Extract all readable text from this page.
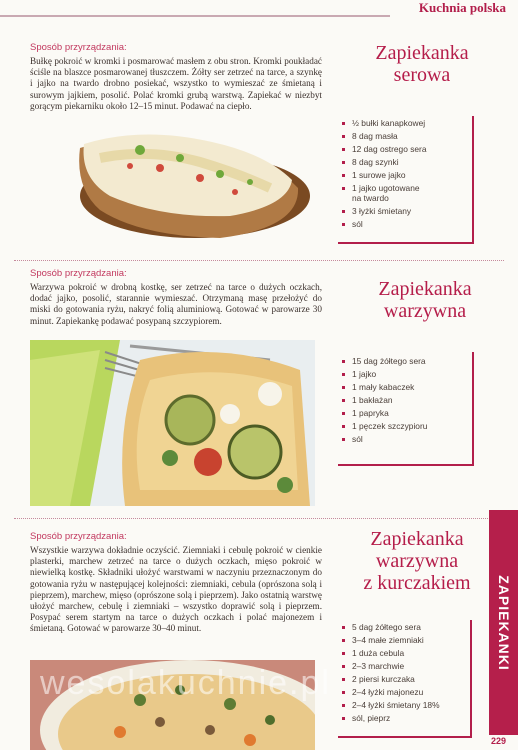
Kuchnia polska
Sposób przyrządzania:
Bułkę pokroić w kromki i posmarować masłem z obu stron. Kromki poukładać ściśle na blaszce posmarowanej tłuszczem. Żółty ser zetrzeć na tarce, a szynkę i jajko na twardo drobno posiekać, wszystko to wymieszać ze śmietaną i surowym jajkiem, posolić. Polać kromki grubą warstwą. Zapiekać w niezbyt gorącym piekarniku około 12–15 minut. Podawać na ciepło.
Zapiekanka
serowa
½ bułki kanapkowej
8 dag masła
12 dag ostrego sera
8 dag szynki
1 surowe jajko
1 jajko ugotowane na twardo
3 łyżki śmietany
sól
Sposób przyrządzania:
Warzywa pokroić w drobną kostkę, ser zetrzeć na tarce o dużych oczkach, dodać jajko, posolić, starannie wymieszać. Otrzymaną masę przełożyć do miski do gotowania ryżu, nakryć folią aluminiową. Gotować w parowarze 30 minut. Zapiekankę podawać posypaną szczypiorem.
Zapiekanka
warzywna
15 dag żółtego sera
1 jajko
1 mały kabaczek
1 bakłażan
1 papryka
1 pęczek szczypioru
sól
Sposób przyrządzania:
Wszystkie warzywa dokładnie oczyścić. Ziemniaki i cebulę pokroić w cienkie plasterki, marchew zetrzeć na tarce o dużych oczkach, mięso pokroić w niewielką kostkę. Składniki ułożyć warstwami w naczyniu przeznaczonym do gotowania ryżu w następującej kolejności: ziemniaki, cebula (oprószona solą i pieprzem), marchew, mięso (oprószone solą i pieprzem). Jako ostatnią warstwę ułożyć marchew, cebulę i ziemniaki – wszystko doprawić solą i pieprzem. Posypać serem startym na tarce o dużych oczkach i polać majonezem i śmietaną. Gotować w parowarze 30–40 minut.
Zapiekanka
warzywna
z kurczakiem
5 dag żółtego sera
3–4 małe ziemniaki
1 duża cebula
2–3 marchwie
2 piersi kurczaka
2–4 łyżki majonezu
2–4 łyżki śmietany 18%
sól, pieprz
wesolakuchnie.pl
ZAPIEKANKI
229
